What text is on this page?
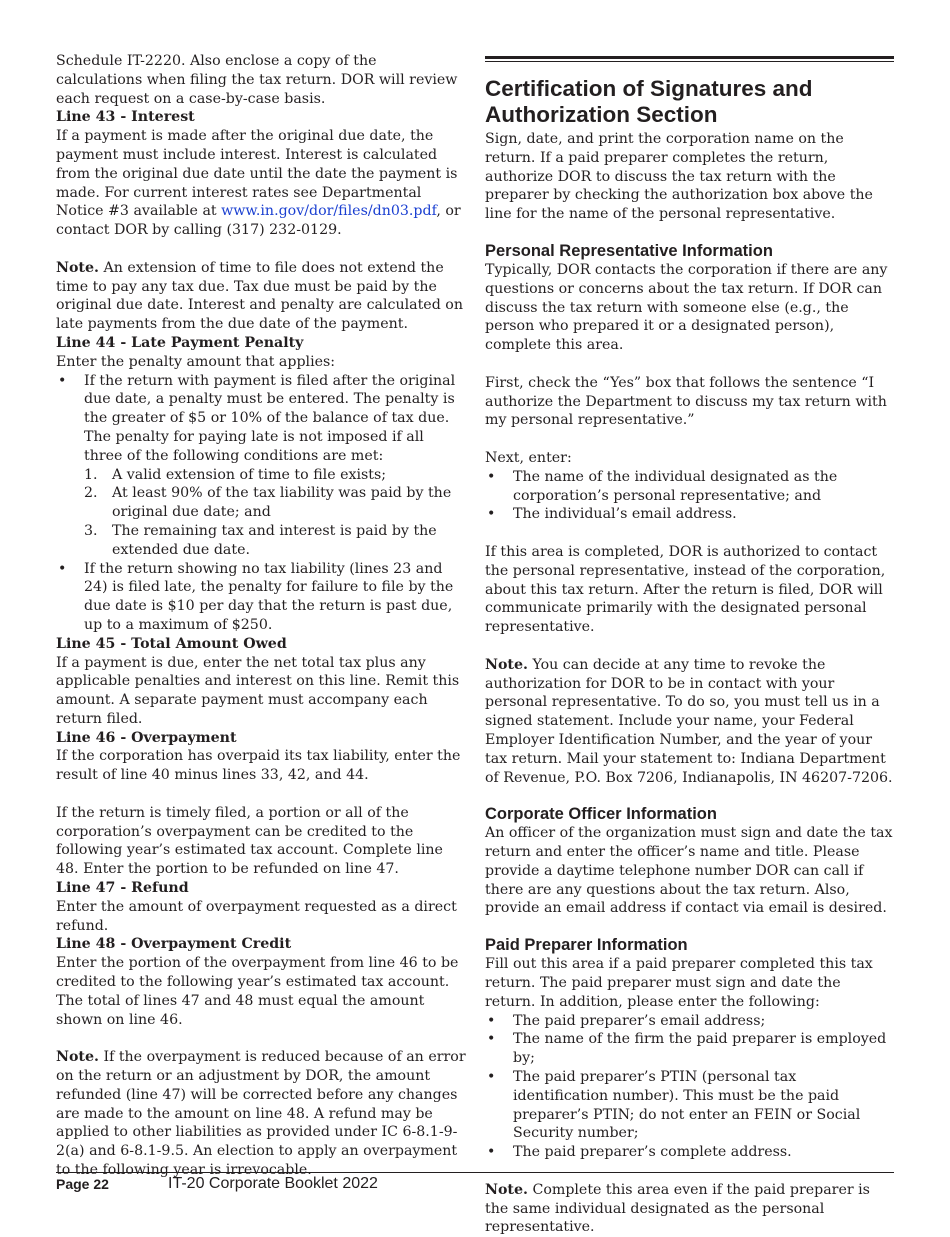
Schedule IT-2220. Also enclose a copy of the calculations when filing the tax return. DOR will review each request on a case-by-case basis.

Line 43 - Interest

If a payment is made after the original due date, the payment must include interest. Interest is calculated from the original due date until the date the payment is made. For current interest rates see Departmental Notice #3 available at www.in.gov/dor/files/dn03.pdf, or contact DOR by calling (317) 232-0129.

Note. An extension of time to file does not extend the time to pay any tax due. Tax due must be paid by the original due date. Interest and penalty are calculated on late payments from the due date of the payment.

Line 44 - Late Payment Penalty

Enter the penalty amount that applies:

• If the return with payment is filed after the original due date, a penalty must be entered. The penalty is the greater of $5 or 10% of the balance of tax due. The penalty for paying late is not imposed if all three of the following conditions are met:
1. A valid extension of time to file exists;
2. At least 90% of the tax liability was paid by the original due date; and
3. The remaining tax and interest is paid by the extended due date.
• If the return showing no tax liability (lines 23 and 24) is filed late, the penalty for failure to file by the due date is $10 per day that the return is past due, up to a maximum of $250.

Line 45 - Total Amount Owed

If a payment is due, enter the net total tax plus any applicable penalties and interest on this line. Remit this amount. A separate payment must accompany each return filed.

Line 46 - Overpayment

If the corporation has overpaid its tax liability, enter the result of line 40 minus lines 33, 42, and 44.

If the return is timely filed, a portion or all of the corporation’s overpayment can be credited to the following year’s estimated tax account. Complete line 48. Enter the portion to be refunded on line 47.

Line 47 - Refund

Enter the amount of overpayment requested as a direct refund.

Line 48 - Overpayment Credit

Enter the portion of the overpayment from line 46 to be credited to the following year’s estimated tax account. The total of lines 47 and 48 must equal the amount shown on line 46.

Note. If the overpayment is reduced because of an error on the return or an adjustment by DOR, the amount refunded (line 47) will be corrected before any changes are made to the amount on line 48. A refund may be applied to other liabilities as provided under IC 6-8.1-9-2(a) and 6-8.1-9.5. An election to apply an overpayment to the following year is irrevocable.

Certification of Signatures and Authorization Section

Sign, date, and print the corporation name on the return. If a paid preparer completes the return, authorize DOR to discuss the tax return with the preparer by checking the authorization box above the line for the name of the personal representative.

Personal Representative Information

Typically, DOR contacts the corporation if there are any questions or concerns about the tax return. If DOR can discuss the tax return with someone else (e.g., the person who prepared it or a designated person), complete this area.

First, check the “Yes” box that follows the sentence “I authorize the Department to discuss my tax return with my personal representative.”

Next, enter:

• The name of the individual designated as the corporation’s personal representative; and
• The individual’s email address.

If this area is completed, DOR is authorized to contact the personal representative, instead of the corporation, about this tax return. After the return is filed, DOR will communicate primarily with the designated personal representative.

Note. You can decide at any time to revoke the authorization for DOR to be in contact with your personal representative. To do so, you must tell us in a signed statement. Include your name, your Federal Employer Identification Number, and the year of your tax return. Mail your statement to: Indiana Department of Revenue, P.O. Box 7206, Indianapolis, IN 46207-7206.

Corporate Officer Information

An officer of the organization must sign and date the tax return and enter the officer’s name and title. Please provide a daytime telephone number DOR can call if there are any questions about the tax return. Also, provide an email address if contact via email is desired.

Paid Preparer Information

Fill out this area if a paid preparer completed this tax return. The paid preparer must sign and date the return. In addition, please enter the following:

• The paid preparer’s email address;
• The name of the firm the paid preparer is employed by;
• The paid preparer’s PTIN (personal tax identification number). This must be the paid preparer’s PTIN; do not enter an FEIN or Social Security number;
• The paid preparer’s complete address.

Note. Complete this area even if the paid preparer is the same individual designated as the personal representative.

Page 22	IT-20 Corporate Booklet 2022
